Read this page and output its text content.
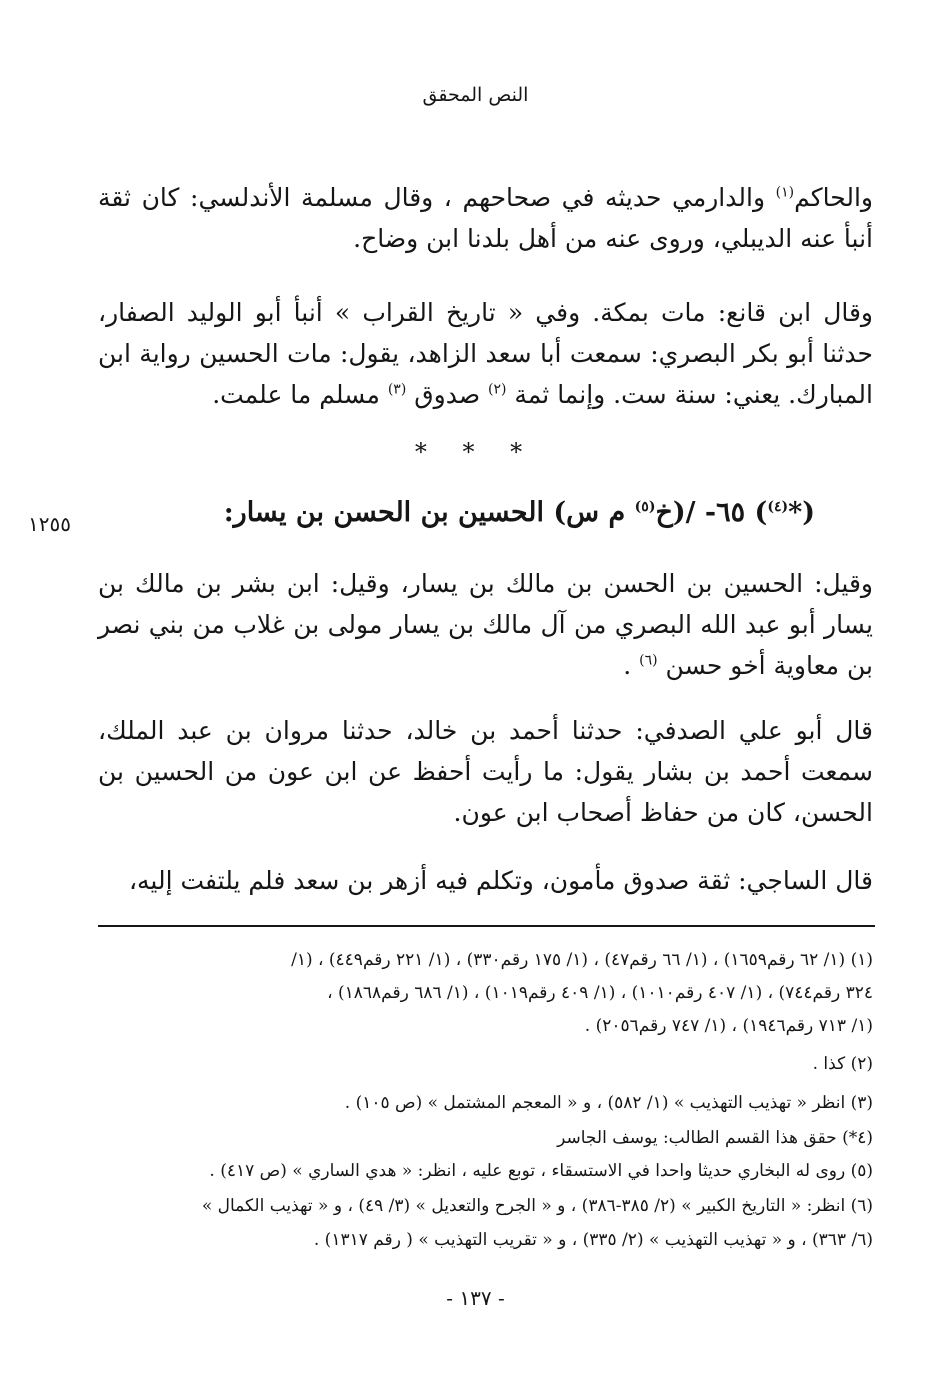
النص المحقق

والحاكم$^{(١)}$ والدارمي حديثه في صحاحهم ، وقال مسلمة الأندلسي: كان ثقة أنبأ عنه الديبلي، وروى عنه من أهل بلدنا ابن وضاح.

وقال ابن قانع: مات بمكة. وفي « تاريخ القراب » أنبأ أبو الوليد الصفار، حدثنا أبو بكر البصري: سمعت أبا سعد الزاهد، يقول: مات الحسين رواية ابن المبارك. يعني: سنة ست. وإنما ثمة $^{(٢)}$ صدوق $^{(٣)}$ مسلم ما علمت.

* * *
(*$^{(٤)}$) ٦٥- /(خ$^{(٥)}$ م س) الحسين بن الحسن بن يسار:
١٢٥٥

وقيل: الحسين بن الحسن بن مالك بن يسار، وقيل: ابن بشر بن مالك بن يسار أبو عبد الله البصري من آل مالك بن يسار مولى بن غلاب من بني نصر بن معاوية أخو حسن $^{(٦)}$ .

قال أبو علي الصدفي: حدثنا أحمد بن خالد، حدثنا مروان بن عبد الملك، سمعت أحمد بن بشار يقول: ما رأيت أحفظ عن ابن عون من الحسين بن الحسن، كان من حفاظ أصحاب ابن عون.

قال الساجي: ثقة صدوق مأمون، وتكلم فيه أزهر بن سعد فلم يلتفت إليه،

(١) (١/ ٦٢ رقم١٦٥٩) ، (١/ ٦٦ رقم٤٧) ، (١/ ١٧٥ رقم٣٣٠) ، (١/ ٢٢١ رقم٤٤٩) ، (١/

٣٢٤ رقم٧٤٤) ، (١/ ٤٠٧ رقم١٠١٠) ، (١/ ٤٠٩ رقم١٠١٩) ، (١/ ٦٨٦ رقم١٨٦٨) ،

(١/ ٧١٣ رقم١٩٤٦) ، (١/ ٧٤٧ رقم٢٠٥٦) .

(٢) كذا .

(٣) انظر « تهذيب التهذيب » (١/ ٥٨٢) ، و « المعجم المشتمل » (ص ١٠٥) .

(٤*) حقق هذا القسم الطالب: يوسف الجاسر

(٥) روى له البخاري حديثا واحدا في الاستسقاء ، توبع عليه ، انظر: « هدي الساري » (ص ٤١٧) .

(٦) انظر: « التاريخ الكبير » (٢/ ٣٨٥-٣٨٦) ، و « الجرح والتعديل » (٣/ ٤٩) ، و « تهذيب الكمال »

(٦/ ٣٦٣) ، و « تهذيب التهذيب » (٢/ ٣٣٥) ، و « تقريب التهذيب » ( رقم ١٣١٧) .

- ١٣٧ -
